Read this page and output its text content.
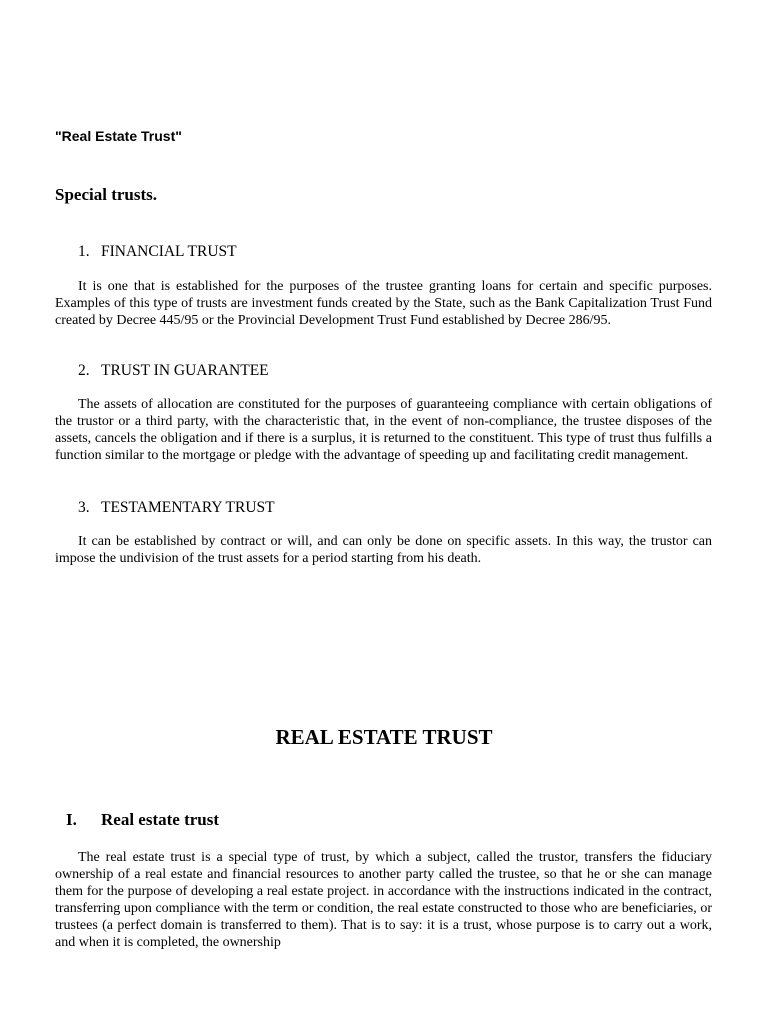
"Real Estate Trust"
Special trusts.
1. FINANCIAL TRUST
It is one that is established for the purposes of the trustee granting loans for certain and specific purposes. Examples of this type of trusts are investment funds created by the State, such as the Bank Capitalization Trust Fund created by Decree 445/95 or the Provincial Development Trust Fund established by Decree 286/95.
2. TRUST IN GUARANTEE
The assets of allocation are constituted for the purposes of guaranteeing compliance with certain obligations of the trustor or a third party, with the characteristic that, in the event of non-compliance, the trustee disposes of the assets, cancels the obligation and if there is a surplus, it is returned to the constituent. This type of trust thus fulfills a function similar to the mortgage or pledge with the advantage of speeding up and facilitating credit management.
3. TESTAMENTARY TRUST
It can be established by contract or will, and can only be done on specific assets. In this way, the trustor can impose the undivision of the trust assets for a period starting from his death.
REAL ESTATE TRUST
I. Real estate trust
The real estate trust is a special type of trust, by which a subject, called the trustor, transfers the fiduciary ownership of a real estate and financial resources to another party called the trustee, so that he or she can manage them for the purpose of developing a real estate project. in accordance with the instructions indicated in the contract, transferring upon compliance with the term or condition, the real estate constructed to those who are beneficiaries, or trustees (a perfect domain is transferred to them). That is to say: it is a trust, whose purpose is to carry out a work, and when it is completed, the ownership
